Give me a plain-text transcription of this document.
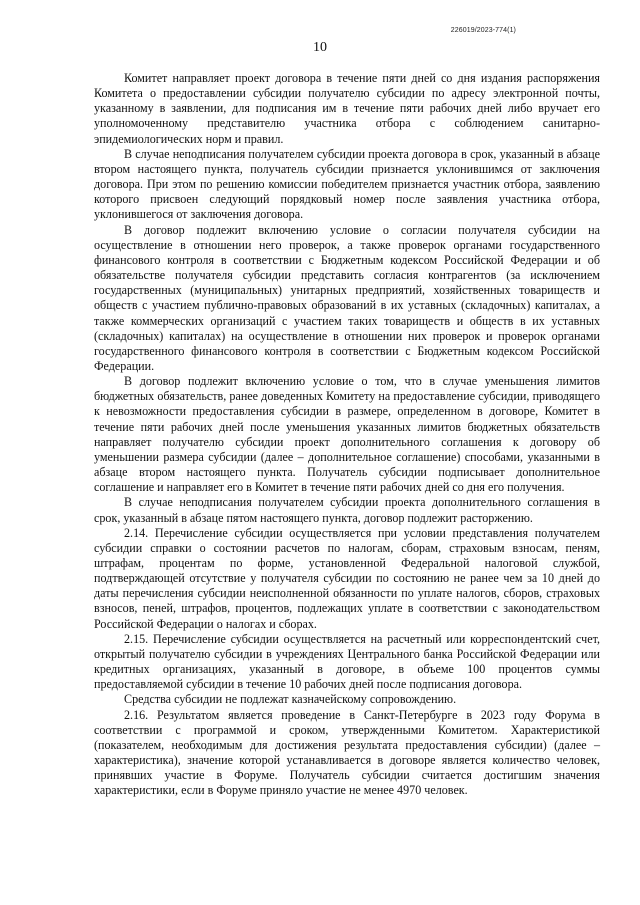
226019/2023-774(1)
10

Комитет направляет проект договора в течение пяти дней со дня издания распоряжения Комитета о предоставлении субсидии получателю субсидии по адресу электронной почты, указанному в заявлении, для подписания им в течение пяти рабочих дней либо вручает его уполномоченному представителю участника отбора с соблюдением санитарно-эпидемиологических норм и правил.

В случае неподписания получателем субсидии проекта договора в срок, указанный в абзаце втором настоящего пункта, получатель субсидии признается уклонившимся от заключения договора. При этом по решению комиссии победителем признается участник отбора, заявлению которого присвоен следующий порядковый номер после заявления участника отбора, уклонившегося от заключения договора.

В договор подлежит включению условие о согласии получателя субсидии на осуществление в отношении него проверок, а также проверок органами государственного финансового контроля в соответствии с Бюджетным кодексом Российской Федерации и об обязательстве получателя субсидии представить согласия контрагентов (за исключением государственных (муниципальных) унитарных предприятий, хозяйственных товариществ и обществ с участием публично-правовых образований в их уставных (складочных) капиталах, а также коммерческих организаций с участием таких товариществ и обществ в их уставных (складочных) капиталах) на осуществление в отношении них проверок и проверок органами государственного финансового контроля в соответствии с Бюджетным кодексом Российской Федерации.

В договор подлежит включению условие о том, что в случае уменьшения лимитов бюджетных обязательств, ранее доведенных Комитету на предоставление субсидии, приводящего к невозможности предоставления субсидии в размере, определенном в договоре, Комитет в течение пяти рабочих дней после уменьшения указанных лимитов бюджетных обязательств направляет получателю субсидии проект дополнительного соглашения к договору об уменьшении размера субсидии (далее – дополнительное соглашение) способами, указанными в абзаце втором настоящего пункта. Получатель субсидии подписывает дополнительное соглашение и направляет его в Комитет в течение пяти рабочих дней со дня его получения.

В случае неподписания получателем субсидии проекта дополнительного соглашения в срок, указанный в абзаце пятом настоящего пункта, договор подлежит расторжению.

2.14. Перечисление субсидии осуществляется при условии представления получателем субсидии справки о состоянии расчетов по налогам, сборам, страховым взносам, пеням, штрафам, процентам по форме, установленной Федеральной налоговой службой, подтверждающей отсутствие у получателя субсидии по состоянию не ранее чем за 10 дней до даты перечисления субсидии неисполненной обязанности по уплате налогов, сборов, страховых взносов, пеней, штрафов, процентов, подлежащих уплате в соответствии с законодательством Российской Федерации о налогах и сборах.

2.15. Перечисление субсидии осуществляется на расчетный или корреспондентский счет, открытый получателю субсидии в учреждениях Центрального банка Российской Федерации или кредитных организациях, указанный в договоре, в объеме 100 процентов суммы предоставляемой субсидии в течение 10 рабочих дней после подписания договора.

Средства субсидии не подлежат казначейскому сопровождению.

2.16. Результатом является проведение в Санкт-Петербурге в 2023 году Форума в соответствии с программой и сроком, утвержденными Комитетом. Характеристикой (показателем, необходимым для достижения результата предоставления субсидии) (далее – характеристика), значение которой устанавливается в договоре является количество человек, принявших участие в Форуме. Получатель субсидии считается достигшим значения характеристики, если в Форуме приняло участие не менее 4970 человек.
